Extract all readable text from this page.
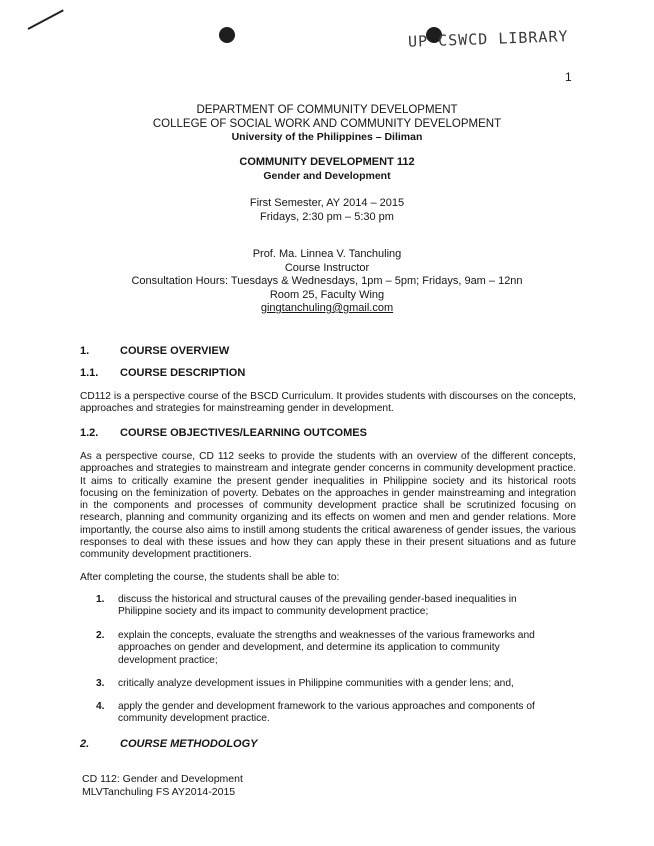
UP CSWCD LIBRARY
1
DEPARTMENT OF COMMUNITY DEVELOPMENT
COLLEGE OF SOCIAL WORK AND COMMUNITY DEVELOPMENT
University of the Philippines – Diliman
COMMUNITY DEVELOPMENT 112
Gender and Development
First Semester, AY 2014 – 2015
Fridays, 2:30 pm – 5:30 pm
Prof. Ma. Linnea V. Tanchuling
Course Instructor
Consultation Hours: Tuesdays & Wednesdays, 1pm – 5pm; Fridays, 9am – 12nn
Room 25, Faculty Wing
gingtanchuling@gmail.com
1.	COURSE OVERVIEW
1.1. COURSE DESCRIPTION
CD112 is a perspective course of the BSCD Curriculum. It provides students with discourses on the concepts, approaches and strategies for mainstreaming gender in development.
1.2. COURSE OBJECTIVES/LEARNING OUTCOMES
As a perspective course, CD 112 seeks to provide the students with an overview of the different concepts, approaches and strategies to mainstream and integrate gender concerns in community development practice. It aims to critically examine the present gender inequalities in Philippine society and its historical roots focusing on the feminization of poverty. Debates on the approaches in gender mainstreaming and integration in the components and processes of community development practice shall be scrutinized focusing on research, planning and community organizing and its effects on women and men and gender relations. More importantly, the course also aims to instill among students the critical awareness of gender issues, the various responses to deal with these issues and how they can apply these in their present situations and as future community development practitioners.
After completing the course, the students shall be able to:
1. discuss the historical and structural causes of the prevailing gender-based inequalities in Philippine society and its impact to community development practice;
2. explain the concepts, evaluate the strengths and weaknesses of the various frameworks and approaches on gender and development, and determine its application to community development practice;
3. critically analyze development issues in Philippine communities with a gender lens; and,
4. apply the gender and development framework to the various approaches and components of community development practice.
2.	COURSE METHODOLOGY
CD 112: Gender and Development
MLVTanchuling FS AY2014-2015
